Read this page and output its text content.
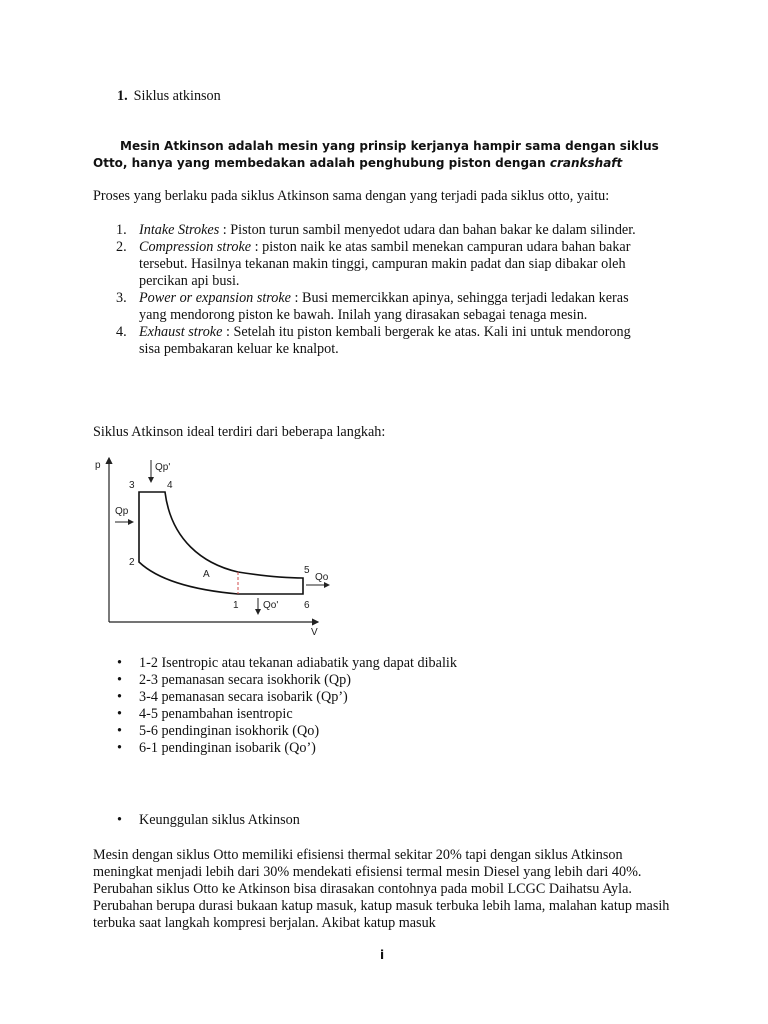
1. Siklus atkinson
Mesin Atkinson adalah mesin yang prinsip kerjanya hampir sama dengan siklus Otto, hanya yang membedakan adalah penghubung piston dengan crankshaft
Proses yang berlaku pada siklus Atkinson sama dengan yang terjadi pada siklus otto, yaitu:
1. Intake Strokes : Piston turun sambil menyedot udara dan bahan bakar ke dalam silinder.
2. Compression stroke : piston naik ke atas sambil menekan campuran udara bahan bakar tersebut. Hasilnya tekanan makin tinggi, campuran makin padat dan siap dibakar oleh percikan api busi.
3. Power or expansion stroke : Busi memercikkan apinya, sehingga terjadi ledakan keras yang mendorong piston ke bawah. Inilah yang dirasakan sebagai tenaga mesin.
4. Exhaust stroke : Setelah itu piston kembali bergerak ke atas. Kali ini untuk mendorong sisa pembakaran keluar ke knalpot.
Siklus Atkinson ideal terdiri dari beberapa langkah:
p
V
1
2
3	4
5
6
A
Qp'
Qp
Qo
Qo'
• 1-2 Isentropic atau tekanan adiabatik yang dapat dibalik
• 2-3 pemanasan secara isokhorik (Qp)
• 3-4 pemanasan secara isobarik (Qp’)
• 4-5 penambahan isentropic
• 5-6 pendinginan isokhorik (Qo)
• 6-1 pendinginan isobarik (Qo’)
• Keunggulan siklus Atkinson
Mesin dengan siklus Otto memiliki efisiensi thermal sekitar 20% tapi dengan siklus Atkinson meningkat menjadi lebih dari 30% mendekati efisiensi termal mesin Diesel yang lebih dari 40%. Perubahan siklus Otto ke Atkinson bisa dirasakan contohnya pada mobil LCGC Daihatsu Ayla. Perubahan berupa durasi bukaan katup masuk, katup masuk terbuka lebih lama, malahan katup masih terbuka saat langkah kompresi berjalan. Akibat katup masuk
i
